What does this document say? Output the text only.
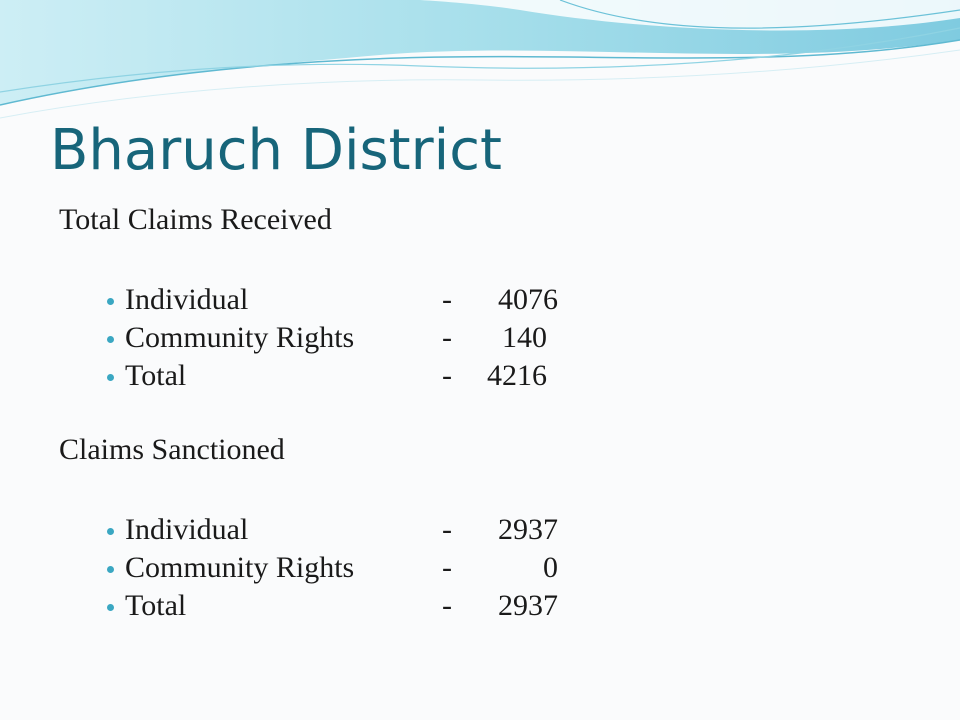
Bharuch District
Total Claims Received
Individual	- 4076
Community Rights	- 140
Total	- 4216
Claims Sanctioned
Individual	- 2937
Community Rights	-	0
Total	- 2937
